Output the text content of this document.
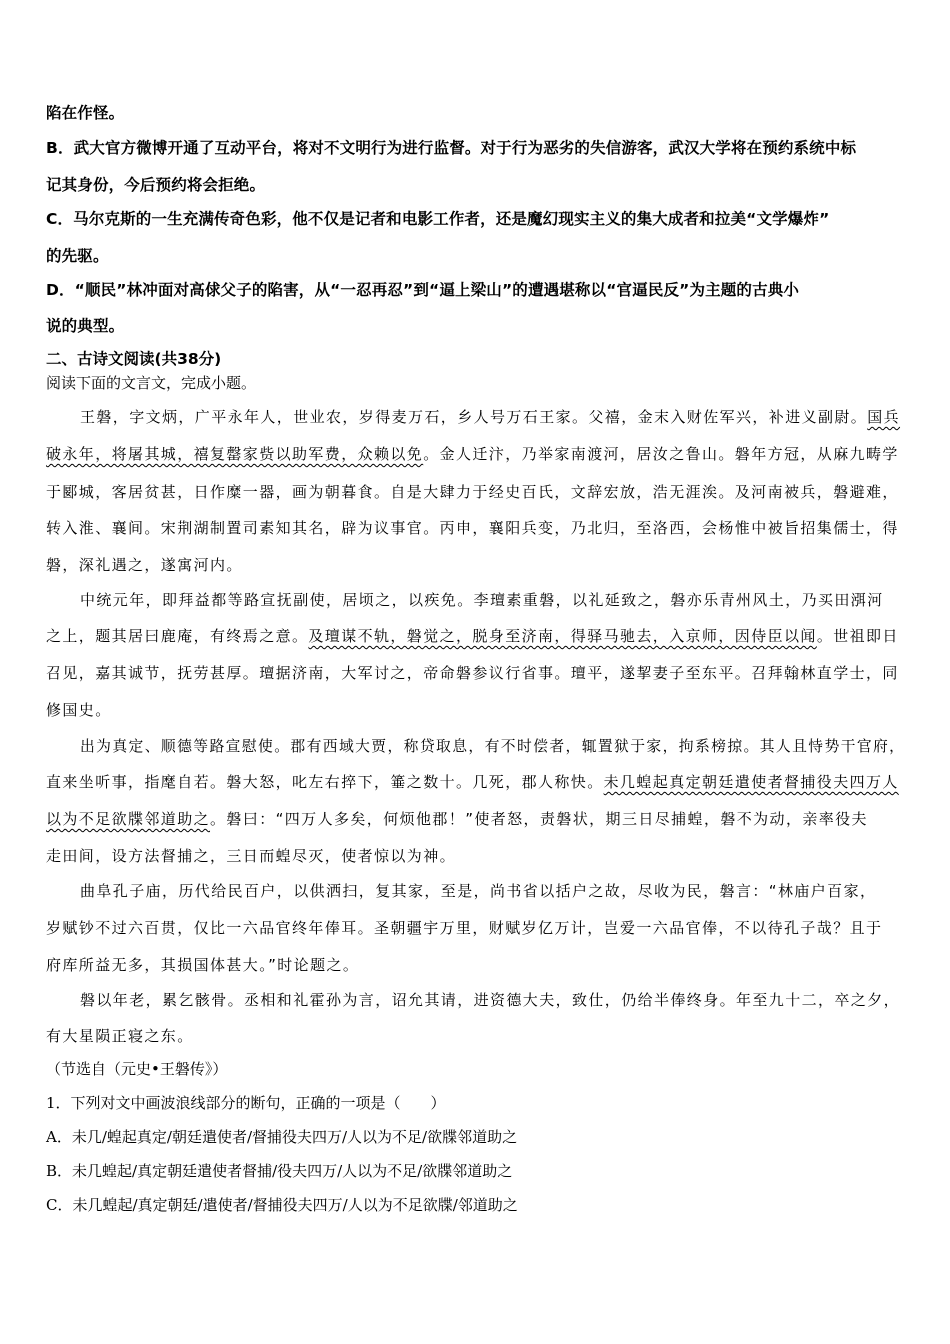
陷在作怪。

B．武大官方微博开通了互动平台，将对不文明行为进行监督。对于行为恶劣的失信游客，武汉大学将在预约系统中标

记其身份，今后预约将会拒绝。

C．马尔克斯的一生充满传奇色彩，他不仅是记者和电影工作者，还是魔幻现实主义的集大成者和拉美“文学爆炸”

的先驱。

D．“顺民”林冲面对高俅父子的陷害，从“一忍再忍”到“逼上梁山”的遭遇堪称以“官逼民反”为主题的古典小

说的典型。

二、古诗文阅读(共38分)

阅读下面的文言文，完成小题。

王磐，字文炳，广平永年人，世业农，岁得麦万石，乡人号万石王家。父禧，金末入财佐军兴，补进义副尉。国兵

破永年，将屠其城，禧复罄家赀以助军费，众赖以免。金人迁汴，乃举家南渡河，居汝之鲁山。磐年方冠，从麻九畴学

于郾城，客居贫甚，日作糜一器，画为朝暮食。自是大肆力于经史百氏，文辞宏放，浩无涯涘。及河南被兵，磐避难，

转入淮、襄间。宋荆湖制置司素知其名，辟为议事官。丙申，襄阳兵变，乃北归，至洛西，会杨惟中被旨招集儒士，得

磐，深礼遇之，遂寓河内。

中统元年，即拜益都等路宣抚副使，居顷之，以疾免。李璮素重磐，以礼延致之，磐亦乐青州风土，乃买田渳河

之上，题其居曰鹿庵，有终焉之意。及璮谋不轨，磐觉之，脱身至济南，得驿马驰去，入京师，因侍臣以闻。世祖即日

召见，嘉其诚节，抚劳甚厚。璮据济南，大军讨之，帝命磐参议行省事。璮平，遂挈妻子至东平。召拜翰林直学士，同

修国史。

出为真定、顺德等路宣慰使。郡有西域大贾，称贷取息，有不时偿者，辄置狱于家，拘系榜掠。其人且恃势干官府，

直来坐听事，指麾自若。磐大怒，叱左右捽下，箠之数十。几死，郡人称快。未几蝗起真定朝廷遣使者督捕役夫四万人

以为不足欲牒邻道助之。磐曰：“四万人多矣，何烦他郡！”使者怒，责磐状，期三日尽捕蝗，磐不为动，亲率役夫

走田间，设方法督捕之，三日而蝗尽灭，使者惊以为神。

曲阜孔子庙，历代给民百户，以供洒扫，复其家，至是，尚书省以括户之故，尽收为民，磐言：“林庙户百家，

岁赋钞不过六百贯，仅比一六品官终年俸耳。圣朝疆宇万里，财赋岁亿万计，岂爱一六品官俸，不以待孔子哉？且于

府库所益无多，其损国体甚大。”时论题之。

磐以年老，累乞骸骨。丞相和礼霍孙为言，诏允其请，进资德大夫，致仕，仍给半俸终身。年至九十二，卒之夕，

有大星陨正寝之东。

（节选自（元史•王磐传》）

1．下列对文中画波浪线部分的断句，正确的一项是（　　）

A．未几/蝗起真定/朝廷遣使者/督捕役夫四万/人以为不足/欲牒邻道助之

B．未几蝗起/真定朝廷遣使者督捕/役夫四万/人以为不足/欲牒邻道助之

C．未几蝗起/真定朝廷/遣使者/督捕役夫四万/人以为不足欲牒/邻道助之
